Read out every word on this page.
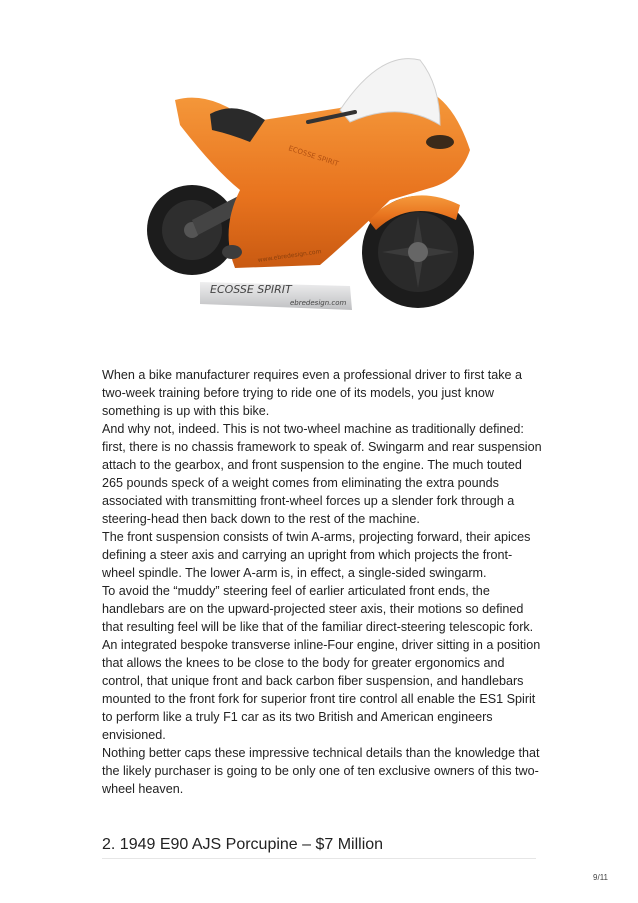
ECOSSE SPIRIT
ebredesign.com
ECOSSE SPIRIT
www.ebredesign.com

When a bike manufacturer requires even a professional driver to first take a two-week training before trying to ride one of its models, you just know something is up with this bike.

And why not, indeed. This is not two-wheel machine as traditionally defined: first, there is no chassis framework to speak of. Swingarm and rear suspension attach to the gearbox, and front suspension to the engine. The much touted 265 pounds speck of a weight comes from eliminating the extra pounds associated with transmitting front-wheel forces up a slender fork through a steering-head then back down to the rest of the machine.

The front suspension consists of twin A-arms, projecting forward, their apices defining a steer axis and carrying an upright from which projects the front-wheel spindle. The lower A-arm is, in effect, a single-sided swingarm.

To avoid the “muddy” steering feel of earlier articulated front ends, the handlebars are on the upward-projected steer axis, their motions so defined that resulting feel will be like that of the familiar direct-steering telescopic fork.

An integrated bespoke transverse inline-Four engine, driver sitting in a position that allows the knees to be close to the body for greater ergonomics and control, that unique front and back carbon fiber suspension, and handlebars mounted to the front fork for superior front tire control all enable the ES1 Spirit to perform like a truly F1 car as its two British and American engineers envisioned.

Nothing better caps these impressive technical details than the knowledge that the likely purchaser is going to be only one of ten exclusive owners of this two-wheel heaven.

2. 1949 E90 AJS Porcupine – $7 Million
9/11
